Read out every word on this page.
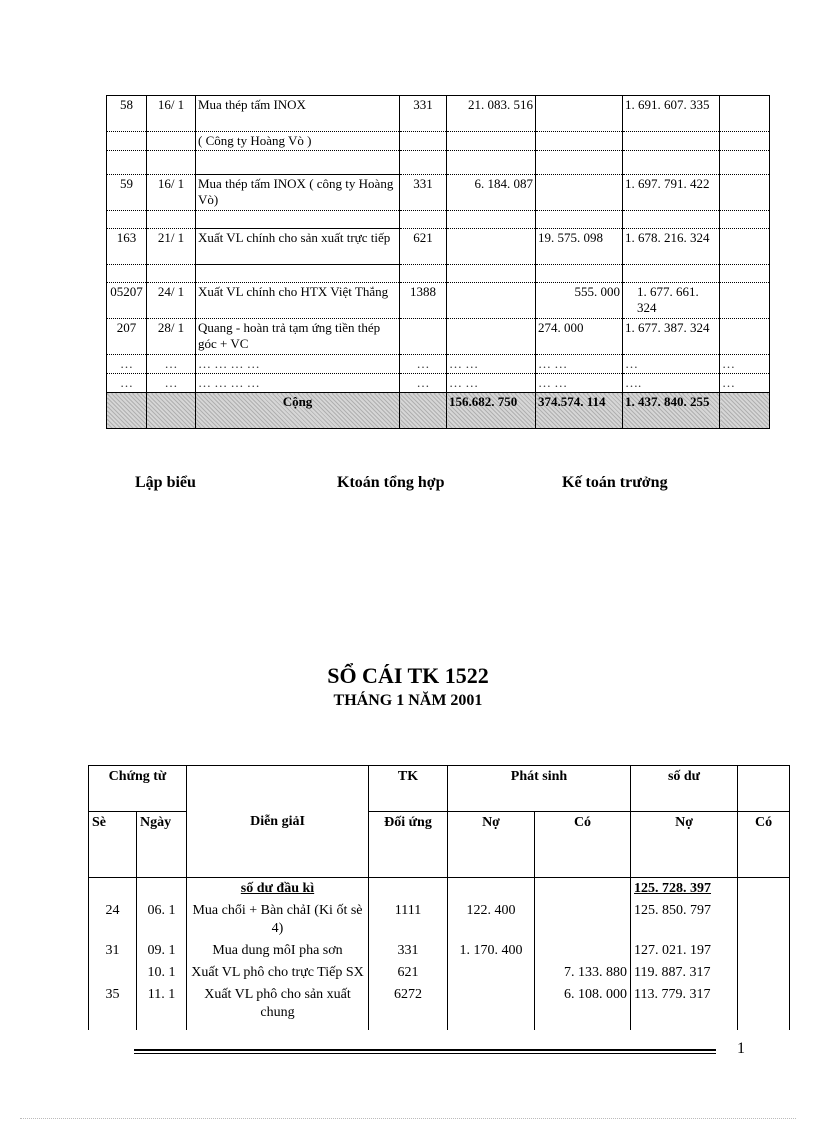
58	16/ 1	Mua thép tấm INOX	331	21. 083. 516		1. 691. 607. 335	
		( Công ty Hoàng Vò )					

59	16/ 1	Mua thép tấm INOX ( công ty Hoàng Vò)	331	6. 184. 087		1. 697. 791. 422	

163	21/ 1	Xuất VL chính cho sản xuất trực tiếp	621		19. 575. 098	1. 678. 216. 324	

05207	24/ 1	Xuất VL chính cho HTX Việt Thắng	1388		555. 000	1. 677. 661. 324	
207	28/ 1	Quang - hoàn trả tạm ứng tiền thép góc + VC			274. 000	1. 677. 387. 324	
…	…	… … … …	…	… …	… …	…	…
…	…	… … … …	…	… …	… …	….	…
		Cộng		156.682. 750	374.574. 114	1. 437. 840. 255	
Lập biểu	Ktoán tổng hợp	Kế toán trưởng
SỔ CÁI TK 1522
THÁNG 1 NĂM 2001
Chứng từ		Diễn giảI	TK	Phát sinh		số dư	
Sè	Ngày		Đối ứng	Nợ	Có	Nợ	Có
		số dư đầu kì				125. 728. 397	
24	06. 1	Mua chổi + Bàn chảI (Ki ốt sè 4)	1111	122. 400		125. 850. 797	
31	09. 1	Mua dung môI pha sơn	331	1. 170. 400		127. 021. 197	
	10. 1	Xuất VL phô cho trực Tiếp SX	621		7. 133. 880	119. 887. 317	
35	11. 1	Xuất VL phô cho sản xuất chung	6272		6. 108. 000	113. 779. 317	

1
